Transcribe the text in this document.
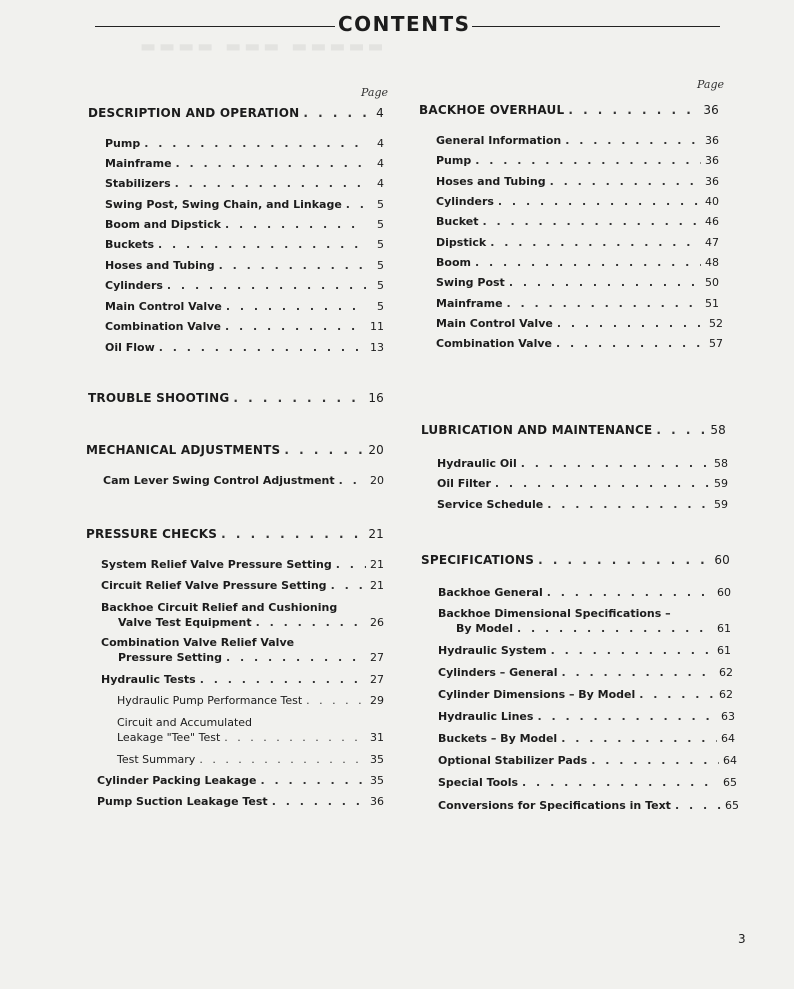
▬▬▬▬ ▬▬▬ ▬▬▬▬▬
CONTENTS
Page
Page
DESCRIPTION AND OPERATION . . .	4
Pump . . .	4
Mainframe . . .	4
Stabilizers . . .	4
Swing Post, Swing Chain, and Linkage . . .	5
Boom and Dipstick . . .	5
Buckets . . .	5
Hoses and Tubing . . .	5
Cylinders . . .	5
Main Control Valve . . .	5
Combination Valve . . .	11
Oil Flow . . .	13
TROUBLE SHOOTING . . .	16
MECHANICAL ADJUSTMENTS . . .	20
Cam Lever Swing Control Adjustment . . .	20
PRESSURE CHECKS . . .	21
System Relief Valve Pressure Setting . . .	21
Circuit Relief Valve Pressure Setting . . .	21
Backhoe Circuit Relief and Cushioning
Valve Test Equipment . . .	26
Combination Valve Relief Valve
Pressure Setting . . .	27
Hydraulic Tests . . .	27
Hydraulic Pump Performance Test . . .	29
Circuit and Accumulated
Leakage "Tee" Test . . .	31
Test Summary . . .	35
Cylinder Packing Leakage . . .	35
Pump Suction Leakage Test . . .	36
BACKHOE OVERHAUL . . .	36
General Information . . .	36
Pump . . .	36
Hoses and Tubing . . .	36
Cylinders . . .	40
Bucket . . .	46
Dipstick . . .	47
Boom . . .	48
Swing Post . . .	50
Mainframe . . .	51
Main Control Valve . . .	52
Combination Valve . . .	57
LUBRICATION AND MAINTENANCE . . .	58
Hydraulic Oil . . .	58
Oil Filter . . .	59
Service Schedule . . .	59
SPECIFICATIONS . . .	60
Backhoe General . . .	60
Backhoe Dimensional Specifications –
By Model . . .	61
Hydraulic System . . .	61
Cylinders – General . . .	62
Cylinder Dimensions – By Model . . .	62
Hydraulic Lines . . .	63
Buckets – By Model . . .	64
Optional Stabilizer Pads . . .	64
Special Tools . . .	65
Conversions for Specifications in Text . . .	65
3
